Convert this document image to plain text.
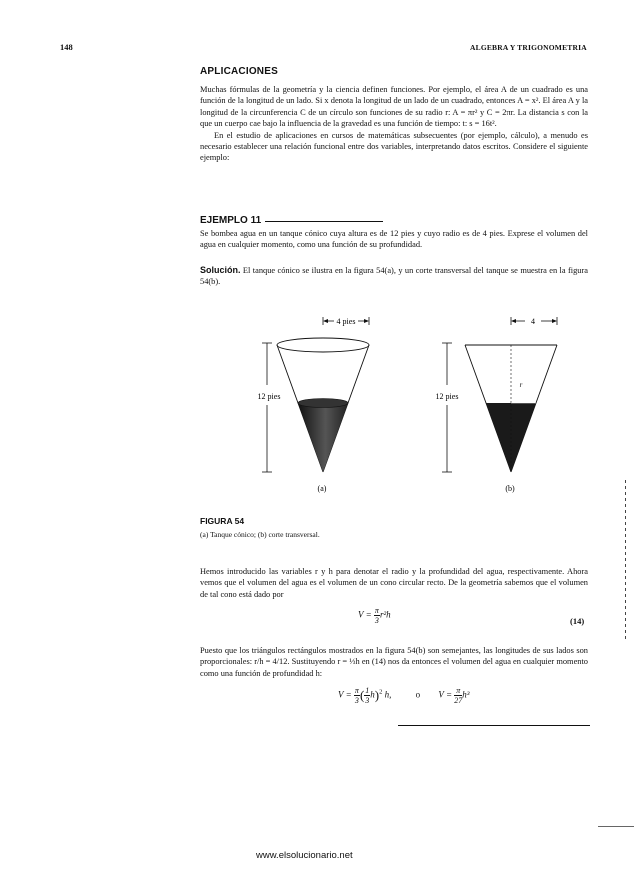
148	ALGEBRA Y TRIGONOMETRIA
APLICACIONES

Muchas fórmulas de la geometría y la ciencia definen funciones. Por ejemplo, el área A de un cuadrado es una función de la longitud de un lado. Si x denota la longitud de un lado de un cuadrado, entonces A = x². El área A y la longitud de la circunferencia C de un círculo son funciones de su radio r: A = πr² y C = 2πr. La distancia s con la que un cuerpo cae bajo la influencia de la gravedad es una función de tiempo: t: s = 16t².

En el estudio de aplicaciones en cursos de matemáticas subsecuentes (por ejemplo, cálculo), a menudo es necesario establecer una relación funcional entre dos variables, interpretando datos escritos. Considere el siguiente ejemplo:

EJEMPLO 11

Se bombea agua en un tanque cónico cuya altura es de 12 pies y cuyo radio es de 4 pies. Exprese el volumen del agua en cualquier momento, como una función de su profundidad.

Solución. El tanque cónico se ilustra en la figura 54(a), y un corte transversal del tanque se muestra en la figura 54(b).

4 pies
12 pies
(a)
4
12 pies
r
(b)
FIGURA 54
(a) Tanque cónico; (b) corte transversal.

Hemos introducido las variables r y h para denotar el radio y la profundidad del agua, respectivamente. Ahora vemos que el volumen del agua es el volumen de un cono circular recto. De la geometría sabemos que el volumen de tal cono está dado por

$V = \frac{\pi}{3} r^2h$
(14)

Puesto que los triángulos rectángulos mostrados en la figura 54(b) son semejantes, las longitudes de sus lados son proporcionales: r/h = 4/12. Sustituyendo r = ⅓h en (14) nos da entonces el volumen del agua en cualquier momento como una función de profundidad h:

$V = \frac{\pi}{3}$ ( $\frac{1}{3} h)^2$ h,	o $V = \frac{\pi}{27} h^3$
www.elsolucionario.net
